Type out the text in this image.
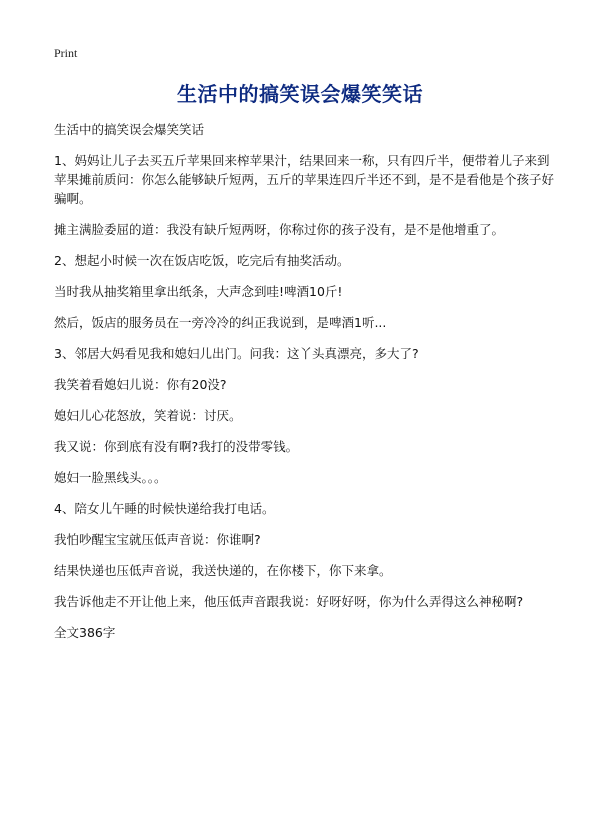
Print
生活中的搞笑误会爆笑笑话

生活中的搞笑误会爆笑笑话

1、妈妈让儿子去买五斤苹果回来榨苹果汁，结果回来一称，只有四斤半，便带着儿子来到苹果摊前质问：你怎么能够缺斤短两，五斤的苹果连四斤半还不到，是不是看他是个孩子好骗啊。

摊主满脸委屈的道：我没有缺斤短两呀，你称过你的孩子没有，是不是他增重了。

2、想起小时候一次在饭店吃饭，吃完后有抽奖活动。

当时我从抽奖箱里拿出纸条，大声念到哇!啤酒10斤!

然后，饭店的服务员在一旁冷冷的纠正我说到，是啤酒1听...

3、邻居大妈看见我和媳妇儿出门。问我：这丫头真漂亮，多大了?

我笑着看媳妇儿说：你有20没?

媳妇儿心花怒放，笑着说：讨厌。

我又说：你到底有没有啊?我打的没带零钱。

媳妇一脸黑线头。。。

4、陪女儿午睡的时候快递给我打电话。

我怕吵醒宝宝就压低声音说：你谁啊?

结果快递也压低声音说，我送快递的，在你楼下，你下来拿。

我告诉他走不开让他上来，他压低声音跟我说：好呀好呀，你为什么弄得这么神秘啊?

全文386字
